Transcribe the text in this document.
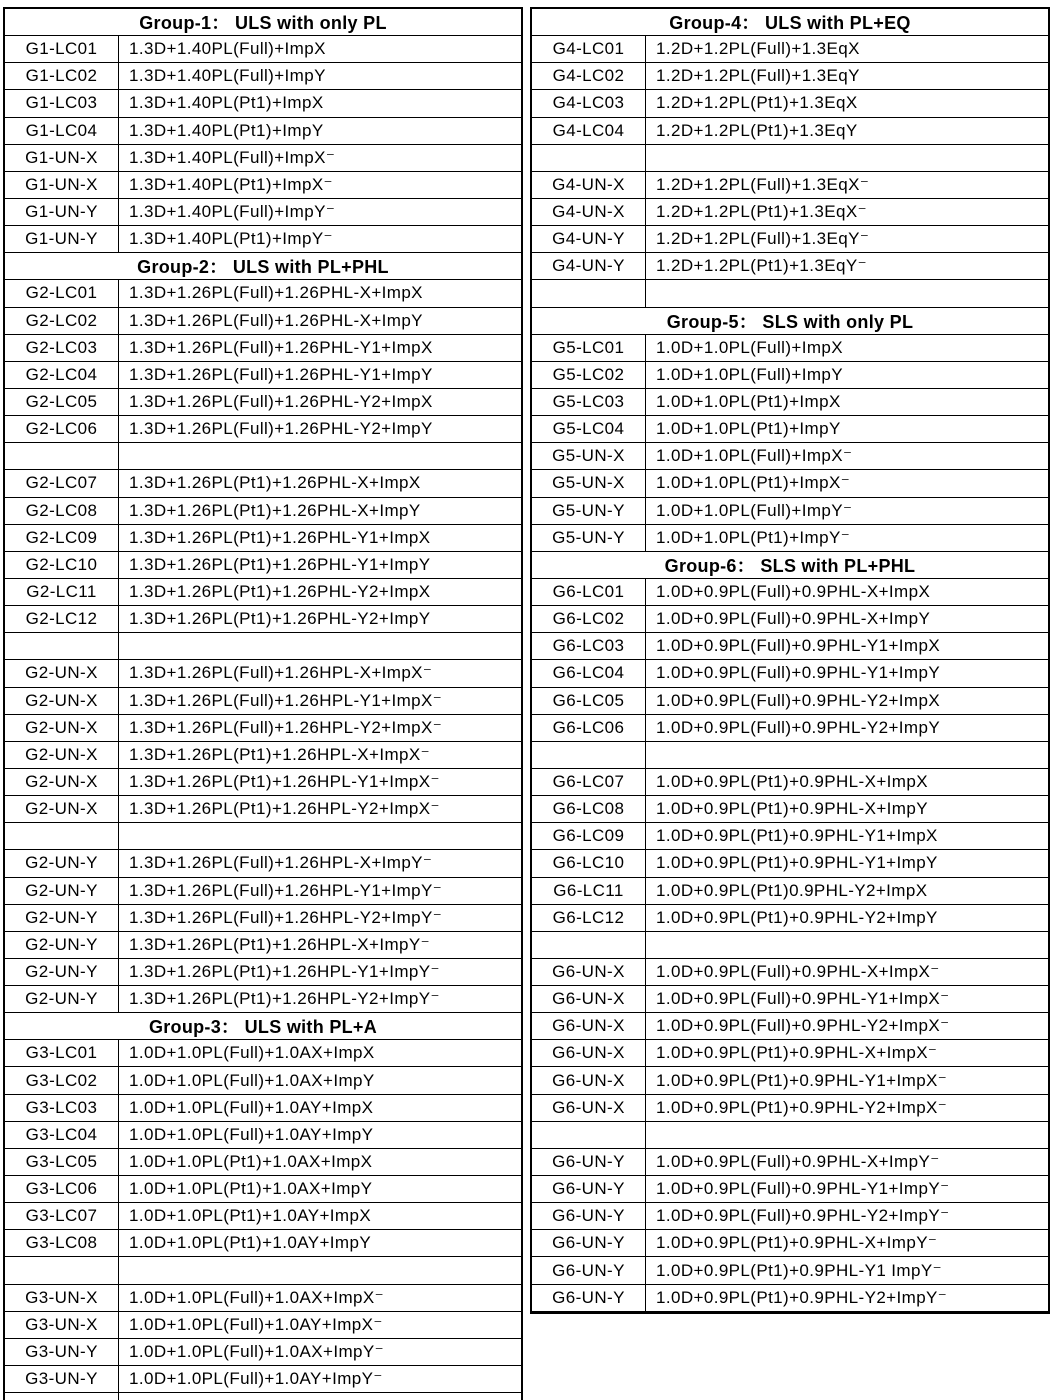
Group-1： ULS with only PL
G1-LC01	1.3D+1.40PL(Full)+ImpX
G1-LC02	1.3D+1.40PL(Full)+ImpY
G1-LC03	1.3D+1.40PL(Pt1)+ImpX
G1-LC04	1.3D+1.40PL(Pt1)+ImpY
G1-UN-X	1.3D+1.40PL(Full)+ImpX⁻
G1-UN-X	1.3D+1.40PL(Pt1)+ImpX⁻
G1-UN-Y	1.3D+1.40PL(Full)+ImpY⁻
G1-UN-Y	1.3D+1.40PL(Pt1)+ImpY⁻
Group-2： ULS with PL+PHL
G2-LC01	1.3D+1.26PL(Full)+1.26PHL-X+ImpX
G2-LC02	1.3D+1.26PL(Full)+1.26PHL-X+ImpY
G2-LC03	1.3D+1.26PL(Full)+1.26PHL-Y1+ImpX
G2-LC04	1.3D+1.26PL(Full)+1.26PHL-Y1+ImpY
G2-LC05	1.3D+1.26PL(Full)+1.26PHL-Y2+ImpX
G2-LC06	1.3D+1.26PL(Full)+1.26PHL-Y2+ImpY
G2-LC07	1.3D+1.26PL(Pt1)+1.26PHL-X+ImpX
G2-LC08	1.3D+1.26PL(Pt1)+1.26PHL-X+ImpY
G2-LC09	1.3D+1.26PL(Pt1)+1.26PHL-Y1+ImpX
G2-LC10	1.3D+1.26PL(Pt1)+1.26PHL-Y1+ImpY
G2-LC11	1.3D+1.26PL(Pt1)+1.26PHL-Y2+ImpX
G2-LC12	1.3D+1.26PL(Pt1)+1.26PHL-Y2+ImpY
G2-UN-X	1.3D+1.26PL(Full)+1.26HPL-X+ImpX⁻
G2-UN-X	1.3D+1.26PL(Full)+1.26HPL-Y1+ImpX⁻
G2-UN-X	1.3D+1.26PL(Full)+1.26HPL-Y2+ImpX⁻
G2-UN-X	1.3D+1.26PL(Pt1)+1.26HPL-X+ImpX⁻
G2-UN-X	1.3D+1.26PL(Pt1)+1.26HPL-Y1+ImpX⁻
G2-UN-X	1.3D+1.26PL(Pt1)+1.26HPL-Y2+ImpX⁻
G2-UN-Y	1.3D+1.26PL(Full)+1.26HPL-X+ImpY⁻
G2-UN-Y	1.3D+1.26PL(Full)+1.26HPL-Y1+ImpY⁻
G2-UN-Y	1.3D+1.26PL(Full)+1.26HPL-Y2+ImpY⁻
G2-UN-Y	1.3D+1.26PL(Pt1)+1.26HPL-X+ImpY⁻
G2-UN-Y	1.3D+1.26PL(Pt1)+1.26HPL-Y1+ImpY⁻
G2-UN-Y	1.3D+1.26PL(Pt1)+1.26HPL-Y2+ImpY⁻
Group-3： ULS with PL+A
G3-LC01	1.0D+1.0PL(Full)+1.0AX+ImpX
G3-LC02	1.0D+1.0PL(Full)+1.0AX+ImpY
G3-LC03	1.0D+1.0PL(Full)+1.0AY+ImpX
G3-LC04	1.0D+1.0PL(Full)+1.0AY+ImpY
G3-LC05	1.0D+1.0PL(Pt1)+1.0AX+ImpX
G3-LC06	1.0D+1.0PL(Pt1)+1.0AX+ImpY
G3-LC07	1.0D+1.0PL(Pt1)+1.0AY+ImpX
G3-LC08	1.0D+1.0PL(Pt1)+1.0AY+ImpY
G3-UN-X	1.0D+1.0PL(Full)+1.0AX+ImpX⁻
G3-UN-X	1.0D+1.0PL(Full)+1.0AY+ImpX⁻
G3-UN-Y	1.0D+1.0PL(Full)+1.0AX+ImpY⁻
G3-UN-Y	1.0D+1.0PL(Full)+1.0AY+ImpY⁻
Group-4： ULS with PL+EQ
G4-LC01	1.2D+1.2PL(Full)+1.3EqX
G4-LC02	1.2D+1.2PL(Full)+1.3EqY
G4-LC03	1.2D+1.2PL(Pt1)+1.3EqX
G4-LC04	1.2D+1.2PL(Pt1)+1.3EqY
G4-UN-X	1.2D+1.2PL(Full)+1.3EqX⁻
G4-UN-X	1.2D+1.2PL(Pt1)+1.3EqX⁻
G4-UN-Y	1.2D+1.2PL(Full)+1.3EqY⁻
G4-UN-Y	1.2D+1.2PL(Pt1)+1.3EqY⁻
Group-5： SLS with only PL
G5-LC01	1.0D+1.0PL(Full)+ImpX
G5-LC02	1.0D+1.0PL(Full)+ImpY
G5-LC03	1.0D+1.0PL(Pt1)+ImpX
G5-LC04	1.0D+1.0PL(Pt1)+ImpY
G5-UN-X	1.0D+1.0PL(Full)+ImpX⁻
G5-UN-X	1.0D+1.0PL(Pt1)+ImpX⁻
G5-UN-Y	1.0D+1.0PL(Full)+ImpY⁻
G5-UN-Y	1.0D+1.0PL(Pt1)+ImpY⁻
Group-6： SLS with PL+PHL
G6-LC01	1.0D+0.9PL(Full)+0.9PHL-X+ImpX
G6-LC02	1.0D+0.9PL(Full)+0.9PHL-X+ImpY
G6-LC03	1.0D+0.9PL(Full)+0.9PHL-Y1+ImpX
G6-LC04	1.0D+0.9PL(Full)+0.9PHL-Y1+ImpY
G6-LC05	1.0D+0.9PL(Full)+0.9PHL-Y2+ImpX
G6-LC06	1.0D+0.9PL(Full)+0.9PHL-Y2+ImpY
G6-LC07	1.0D+0.9PL(Pt1)+0.9PHL-X+ImpX
G6-LC08	1.0D+0.9PL(Pt1)+0.9PHL-X+ImpY
G6-LC09	1.0D+0.9PL(Pt1)+0.9PHL-Y1+ImpX
G6-LC10	1.0D+0.9PL(Pt1)+0.9PHL-Y1+ImpY
G6-LC11	1.0D+0.9PL(Pt1)0.9PHL-Y2+ImpX
G6-LC12	1.0D+0.9PL(Pt1)+0.9PHL-Y2+ImpY
G6-UN-X	1.0D+0.9PL(Full)+0.9PHL-X+ImpX⁻
G6-UN-X	1.0D+0.9PL(Full)+0.9PHL-Y1+ImpX⁻
G6-UN-X	1.0D+0.9PL(Full)+0.9PHL-Y2+ImpX⁻
G6-UN-X	1.0D+0.9PL(Pt1)+0.9PHL-X+ImpX⁻
G6-UN-X	1.0D+0.9PL(Pt1)+0.9PHL-Y1+ImpX⁻
G6-UN-X	1.0D+0.9PL(Pt1)+0.9PHL-Y2+ImpX⁻
G6-UN-Y	1.0D+0.9PL(Full)+0.9PHL-X+ImpY⁻
G6-UN-Y	1.0D+0.9PL(Full)+0.9PHL-Y1+ImpY⁻
G6-UN-Y	1.0D+0.9PL(Full)+0.9PHL-Y2+ImpY⁻
G6-UN-Y	1.0D+0.9PL(Pt1)+0.9PHL-X+ImpY⁻
G6-UN-Y	1.0D+0.9PL(Pt1)+0.9PHL-Y1 ImpY⁻
G6-UN-Y	1.0D+0.9PL(Pt1)+0.9PHL-Y2+ImpY⁻
